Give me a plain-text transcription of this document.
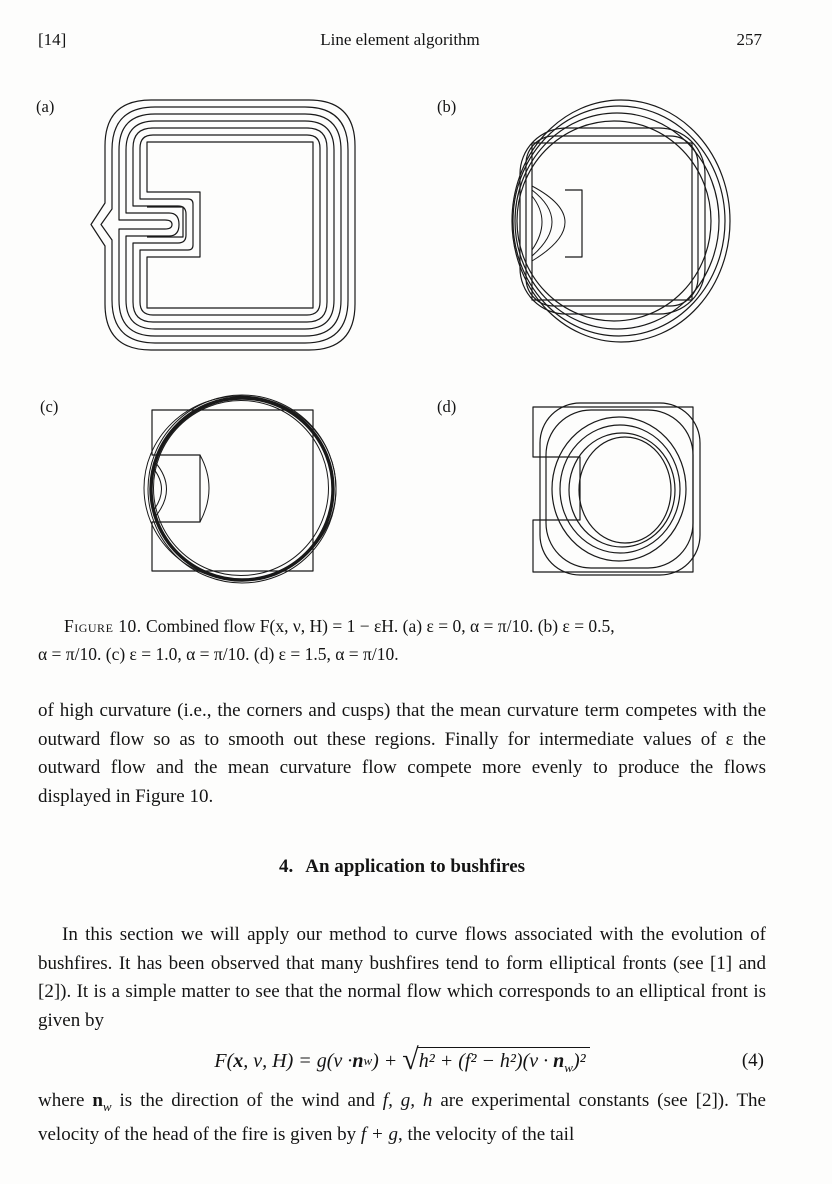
Line element algorithm
[14]	257
(a)	(b)
(c)	(d)
Figure 10. Combined flow F(x, ν, H) = 1 − εH. (a) ε = 0, α = π/10. (b) ε = 0.5,
α = π/10. (c) ε = 1.0, α = π/10. (d) ε = 1.5, α = π/10.
of high curvature (i.e., the corners and cusps) that the mean curvature term competes with the outward flow so as to smooth out these regions. Finally for intermediate values of ε the outward flow and the mean curvature flow compete more evenly to produce the flows displayed in Figure 10.
4. An application to bushfires
In this section we will apply our method to curve flows associated with the evolution of bushfires. It has been observed that many bushfires tend to form elliptical fronts (see [1] and [2]). It is a simple matter to see that the normal flow which corresponds to an elliptical front is given by
F( x , ν, H) = g(ν · n w ) + √ $h^2 + (f^2 - h^2)(\nu \cdot n_w)^2$	(4)
where $n_w$ is the direction of the wind and f, g, h are experimental constants (see [2]). The velocity of the head of the fire is given by f + g, the velocity of the tail
